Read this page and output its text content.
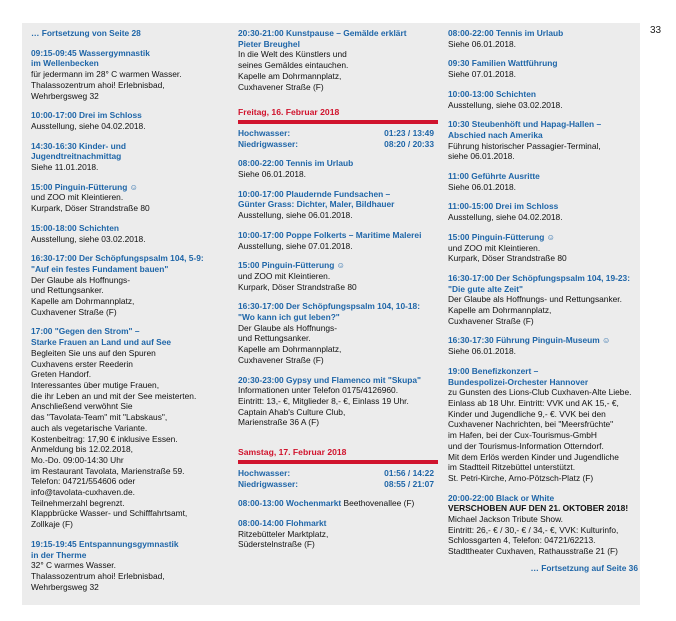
33
… Fortsetzung von Seite 28
09:15-09:45 Wassergymnastik
im Wellenbecken
für jedermann im 28° C warmen Wasser.
Thalassozentrum ahoi! Erlebnisbad,
Wehrbergsweg 32
10:00-17:00 Drei im Schloss
Ausstellung, siehe 04.02.2018.
14:30-16:30 Kinder- und
Jugendtreitnachmittag
Siehe 11.01.2018.
15:00 Pinguin-Fütterung ☺
und ZOO mit Kleintieren.
Kurpark, Döser Strandstraße 80
15:00-18:00 Schichten
Ausstellung, siehe 03.02.2018.
16:30-17:00 Der Schöpfungspsalm 104, 5-9:
"Auf ein festes Fundament bauen"
Der Glaube als Hoffnungs-
und Rettungsanker.
Kapelle am Dohrmannplatz,
Cuxhavener Straße (F)
17:00 "Gegen den Strom" –
Starke Frauen an Land und auf See
Begleiten Sie uns auf den Spuren
Cuxhavens erster Reederin
Greten Handorf.
Interessantes über mutige Frauen,
die ihr Leben an und mit der See meisterten.
Anschließend verwöhnt Sie
das "Tavolata-Team" mit "Labskaus",
auch als vegetarische Variante.
Kostenbeitrag: 17,90 € inklusive Essen.
Anmeldung bis 12.02.2018,
Mo.-Do. 09:00-14:30 Uhr
im Restaurant Tavolata, Marienstraße 59.
Telefon: 04721/554606 oder
info@tavolata-cuxhaven.de.
Teilnehmerzahl begrenzt.
Klappbrücke Wasser- und Schifffahrtsamt,
Zollkaje (F)
19:15-19:45 Entspannungsgymnastik
in der Therme
32° C warmes Wasser.
Thalassozentrum ahoi! Erlebnisbad,
Wehrbergsweg 32
20:30-21:00 Kunstpause – Gemälde erklärt
Pieter Breughel
In die Welt des Künstlers und
seines Gemäldes eintauchen.
Kapelle am Dohrmannplatz,
Cuxhavener Straße (F)
Freitag, 16. Februar 2018
Hochwasser:	01:23 / 13:49
Niedrigwasser:	08:20 / 20:33
08:00-22:00 Tennis im Urlaub
Siehe 06.01.2018.
10:00-17:00 Plaudernde Fundsachen –
Günter Grass: Dichter, Maler, Bildhauer
Ausstellung, siehe 06.01.2018.
10:00-17:00 Poppe Folkerts – Maritime Malerei
Ausstellung, siehe 07.01.2018.
15:00 Pinguin-Fütterung ☺
und ZOO mit Kleintieren.
Kurpark, Döser Strandstraße 80
16:30-17:00 Der Schöpfungspsalm 104, 10-18:
"Wo kann ich gut leben?"
Der Glaube als Hoffnungs-
und Rettungsanker.
Kapelle am Dohrmannplatz,
Cuxhavener Straße (F)
20:30-23:00 Gypsy und Flamenco mit "Skupa"
Informationen unter Telefon 0175/4126960.
Eintritt: 13,- €, Mitglieder 8,- €, Einlass 19 Uhr.
Captain Ahab's Culture Club,
Marienstraße 36 A (F)
Samstag, 17. Februar 2018
Hochwasser:	01:56 / 14:22
Niedrigwasser:	08:55 / 21:07
08:00-13:00 Wochenmarkt Beethovenallee (F)
08:00-14:00 Flohmarkt
Ritzebütteler Marktplatz,
Süderstelnstraße (F)
08:00-22:00 Tennis im Urlaub
Siehe 06.01.2018.
09:30 Familien Wattführung
Siehe 07.01.2018.
10:00-13:00 Schichten
Ausstellung, siehe 03.02.2018.
10:30 Steubenhöft und Hapag-Hallen –
Abschied nach Amerika
Führung historischer Passagier-Terminal,
siehe 06.01.2018.
11:00 Geführte Ausritte
Siehe 06.01.2018.
11:00-15:00 Drei im Schloss
Ausstellung, siehe 04.02.2018.
15:00 Pinguin-Fütterung ☺
und ZOO mit Kleintieren.
Kurpark, Döser Strandstraße 80
16:30-17:00 Der Schöpfungspsalm 104, 19-23:
"Die gute alte Zeit"
Der Glaube als Hoffnungs- und Rettungsanker.
Kapelle am Dohrmannplatz,
Cuxhavener Straße (F)
16:30-17:30 Führung Pinguin-Museum ☺
Siehe 06.01.2018.
19:00 Benefizkonzert –
Bundespolizei-Orchester Hannover
zu Gunsten des Lions-Club Cuxhaven-Alte Liebe.
Einlass ab 18 Uhr. Eintritt: VVK und AK 15,- €,
Kinder und Jugendliche 9,- €. VVK bei den
Cuxhavener Nachrichten, bei "Meersfrüchte"
im Hafen, bei der Cux-Tourismus-GmbH
und der Tourismus-Information Otterndorf.
Mit dem Erlös werden Kinder und Jugendliche
im Stadtteil Ritzebüttel unterstützt.
St. Petri-Kirche, Arno-Pötzsch-Platz (F)
20:00-22:00 Black or White
VERSCHOBEN AUF DEN 21. OKTOBER 2018!
Michael Jackson Tribute Show.
Eintritt: 26,- € / 30,- € / 34,- €, VVK: Kulturinfo,
Schlossgarten 4, Telefon: 04721/62213.
Stadttheater Cuxhaven, Rathausstraße 21 (F)
… Fortsetzung auf Seite 36
